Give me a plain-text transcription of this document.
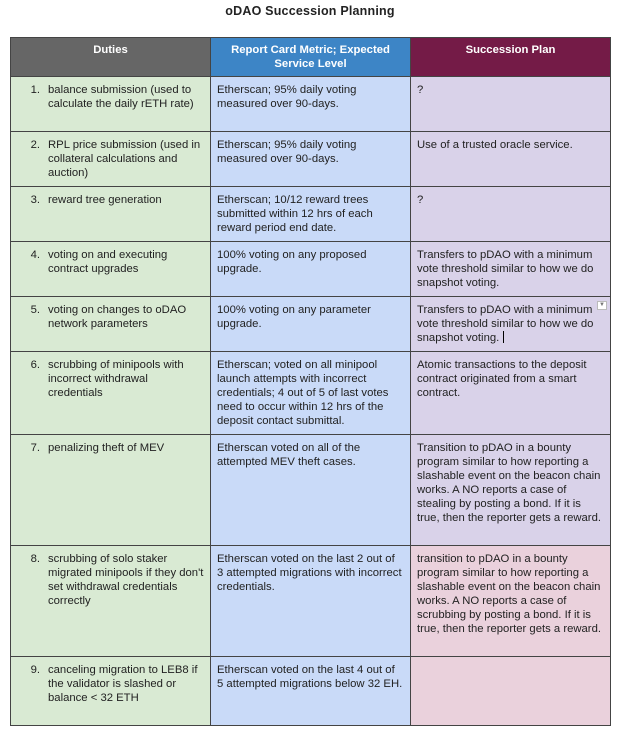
oDAO Succession Planning
Duties	Report Card Metric; Expected Service Level	Succession Plan

1. balance submission (used to calculate the daily rETH rate)	Etherscan; 95% daily voting measured over 90-days.	?

2. RPL price submission (used in collateral calculations and auction)	Etherscan; 95% daily voting measured over 90-days.	Use of a trusted oracle service.

3. reward tree generation	Etherscan; 10/12 reward trees submitted within 12 hrs of each reward period end date.	?

4. voting on and executing contract upgrades	100% voting on any proposed upgrade.	Transfers to pDAO with a minimum vote threshold similar to how we do snapshot voting.

5. voting on changes to oDAO network parameters	100% voting on any parameter upgrade.	Transfers to pDAO with a minimum vote threshold similar to how we do snapshot voting.
▼

6. scrubbing of minipools with incorrect withdrawal credentials	Etherscan; voted on all minipool launch attempts with incorrect credentials; 4 out of 5 of last votes need to occur within 12 hrs of the deposit contact submittal.	Atomic transactions to the deposit contract originated from a smart contract.

7. penalizing theft of MEV	Etherscan voted on all of the attempted MEV theft cases.	Transition to pDAO in a bounty program similar to how reporting a slashable event on the beacon chain works. A NO reports a case of stealing by posting a bond. If it is true, then the reporter gets a reward.

8. scrubbing of solo staker migrated minipools if they don't set withdrawal credentials correctly	Etherscan voted on the last 2 out of 3 attempted migrations with incorrect credentials.	transition to pDAO in a bounty program similar to how reporting a slashable event on the beacon chain works. A NO reports a case of scrubbing by posting a bond. If it is true, then the reporter gets a reward.

9. canceling migration to LEB8 if the validator is slashed or balance < 32 ETH	Etherscan voted on the last 4 out of 5 attempted migrations below 32 EH.	
